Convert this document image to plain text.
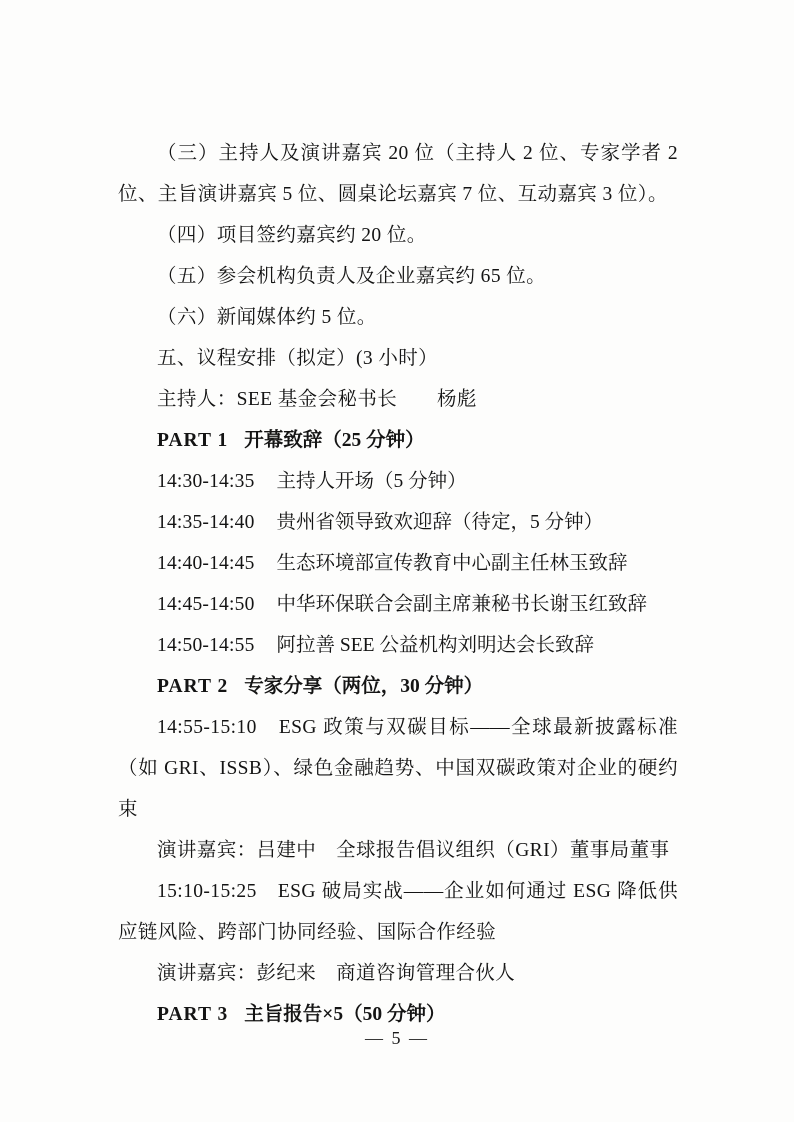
（三）主持人及演讲嘉宾 20 位（主持人 2 位、专家学者 2 位、主旨演讲嘉宾 5 位、圆桌论坛嘉宾 7 位、互动嘉宾 3 位）。

（四）项目签约嘉宾约 20 位。

（五）参会机构负责人及企业嘉宾约 65 位。

（六）新闻媒体约 5 位。

五、议程安排（拟定）(3 小时）

主持人：SEE 基金会秘书长　　杨彪

PART 1 开幕致辞（25 分钟）

14:30-14:35 主持人开场（5 分钟）

14:35-14:40 贵州省领导致欢迎辞（待定，5 分钟）

14:40-14:45 生态环境部宣传教育中心副主任林玉致辞

14:45-14:50 中华环保联合会副主席兼秘书长谢玉红致辞

14:50-14:55 阿拉善 SEE 公益机构刘明达会长致辞

PART 2 专家分享（两位，30 分钟）

14:55-15:10　ESG 政策与双碳目标——全球最新披露标准（如 GRI、ISSB）、绿色金融趋势、中国双碳政策对企业的硬约束

演讲嘉宾：吕建中　全球报告倡议组织（GRI）董事局董事

15:10-15:25　ESG 破局实战——企业如何通过 ESG 降低供应链风险、跨部门协同经验、国际合作经验

演讲嘉宾：彭纪来　商道咨询管理合伙人

PART 3 主旨报告×5（50 分钟）

— 5 —
